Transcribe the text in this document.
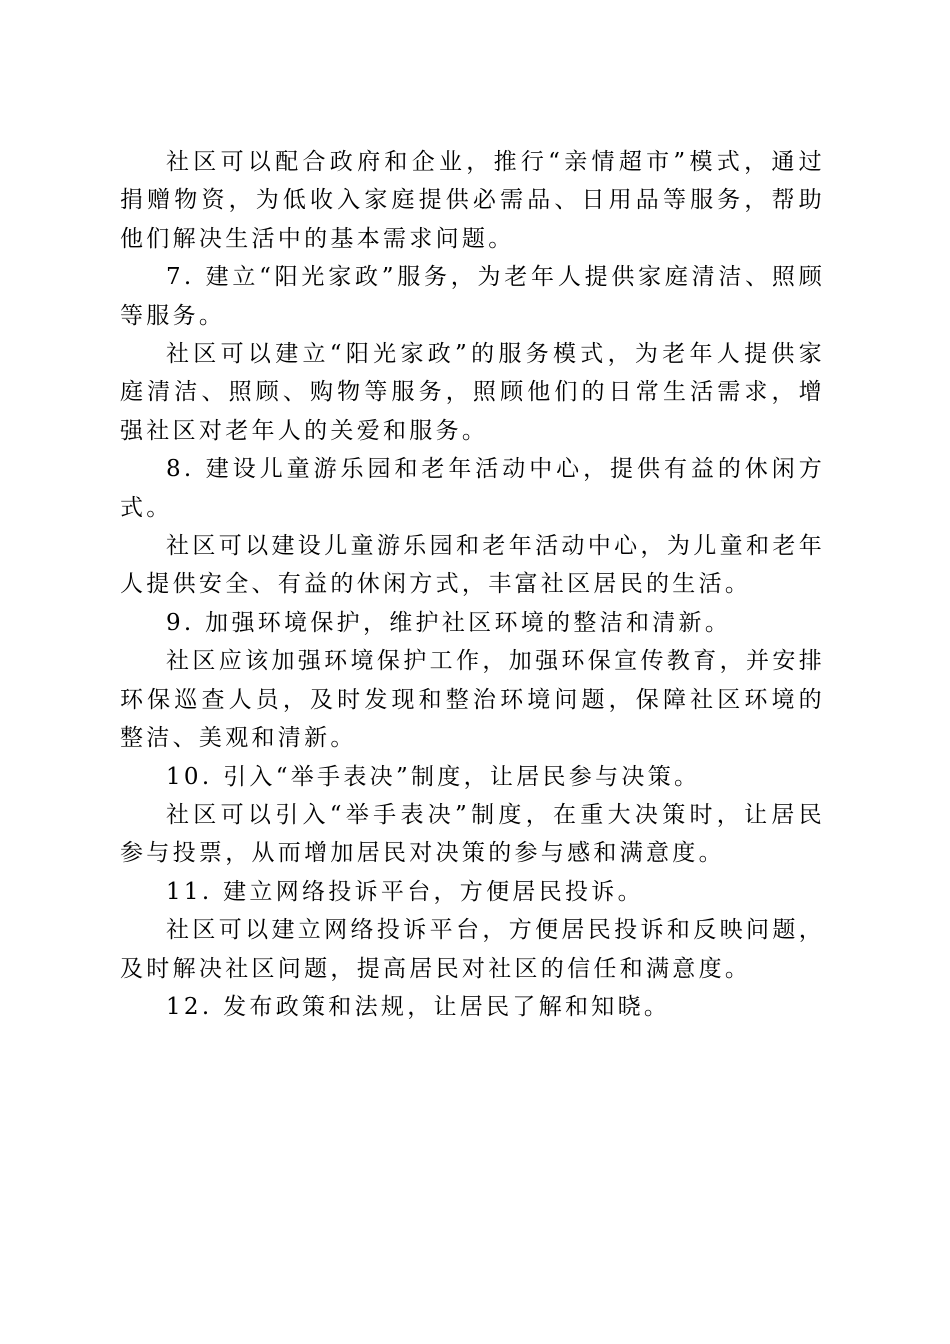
社区可以配合政府和企业，推行“亲情超市”模式，通过捐赠物资，为低收入家庭提供必需品、日用品等服务，帮助他们解决生活中的基本需求问题。

7. 建立“阳光家政”服务，为老年人提供家庭清洁、照顾等服务。

社区可以建立“阳光家政”的服务模式，为老年人提供家庭清洁、照顾、购物等服务，照顾他们的日常生活需求，增强社区对老年人的关爱和服务。

8. 建设儿童游乐园和老年活动中心，提供有益的休闲方式。

社区可以建设儿童游乐园和老年活动中心，为儿童和老年人提供安全、有益的休闲方式，丰富社区居民的生活。

9. 加强环境保护，维护社区环境的整洁和清新。

社区应该加强环境保护工作，加强环保宣传教育，并安排环保巡查人员，及时发现和整治环境问题，保障社区环境的整洁、美观和清新。

10. 引入“举手表决”制度，让居民参与决策。

社区可以引入“举手表决”制度，在重大决策时，让居民参与投票，从而增加居民对决策的参与感和满意度。

11. 建立网络投诉平台，方便居民投诉。

社区可以建立网络投诉平台，方便居民投诉和反映问题，及时解决社区问题，提高居民对社区的信任和满意度。

12. 发布政策和法规，让居民了解和知晓。
